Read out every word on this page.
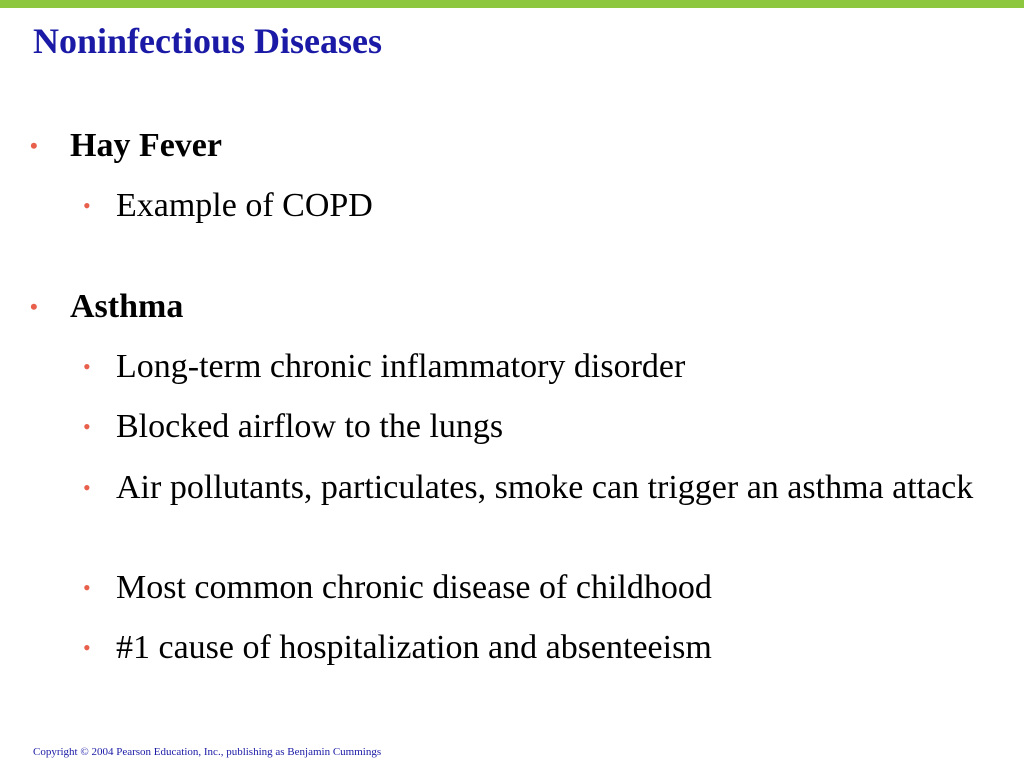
Noninfectious Diseases
• Hay Fever
• Example of COPD
• Asthma
• Long-term chronic inflammatory disorder
• Blocked airflow to the lungs
• Air pollutants, particulates, smoke can trigger an asthma attack
• Most common chronic disease of childhood
• #1 cause of hospitalization and absenteeism
Copyright © 2004 Pearson Education, Inc., publishing as Benjamin Cummings
